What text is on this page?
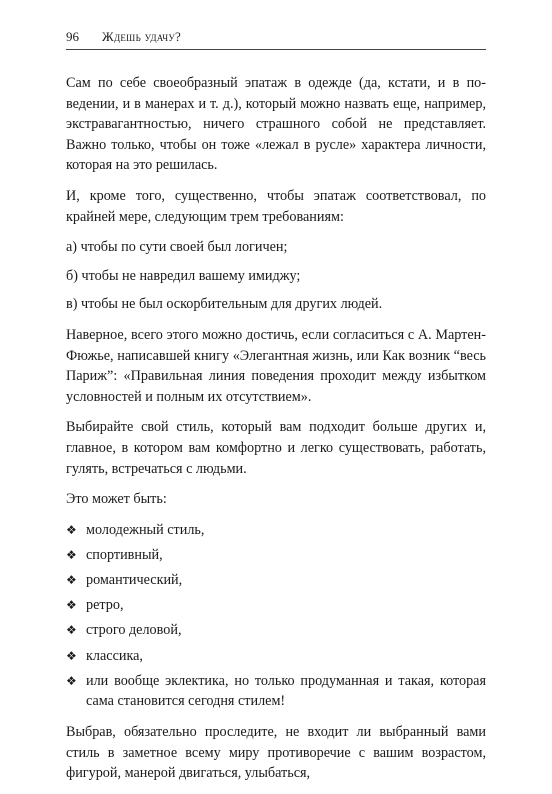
96 Ждешь удачу?

Сам по себе своеобразный эпатаж в одежде (да, кстати, и в поведении, и в манерах и т. д.), который можно назвать еще, например, экстравагантностью, ничего страшного собой не представляет. Важно только, чтобы он тоже «лежал в русле» характера личности, которая на это решилась.

И, кроме того, существенно, чтобы эпатаж соответствовал, по крайней мере, следующим трем требованиям:

а) чтобы по сути своей был логичен;

б) чтобы не навредил вашему имиджу;

в) чтобы не был оскорбительным для других людей.

Наверное, всего этого можно достичь, если согласиться с А. Мартен-Фюжье, написавшей книгу «Элегантная жизнь, или Как возник “весь Париж”: «Правильная линия поведения проходит между избытком условностей и полным их отсутствием».

Выбирайте свой стиль, который вам подходит больше других и, главное, в котором вам комфортно и легко существовать, работать, гулять, встречаться с людьми.

Это может быть:

❖ молодежный стиль,
❖ спортивный,
❖ романтический,
❖ ретро,
❖ строго деловой,
❖ классика,
❖ или вообще эклектика, но только продуманная и такая, которая сама становится сегодня стилем!

Выбрав, обязательно проследите, не входит ли выбранный вами стиль в заметное всему миру противоречие с вашим возрастом, фигурой, манерой двигаться, улыбаться,
